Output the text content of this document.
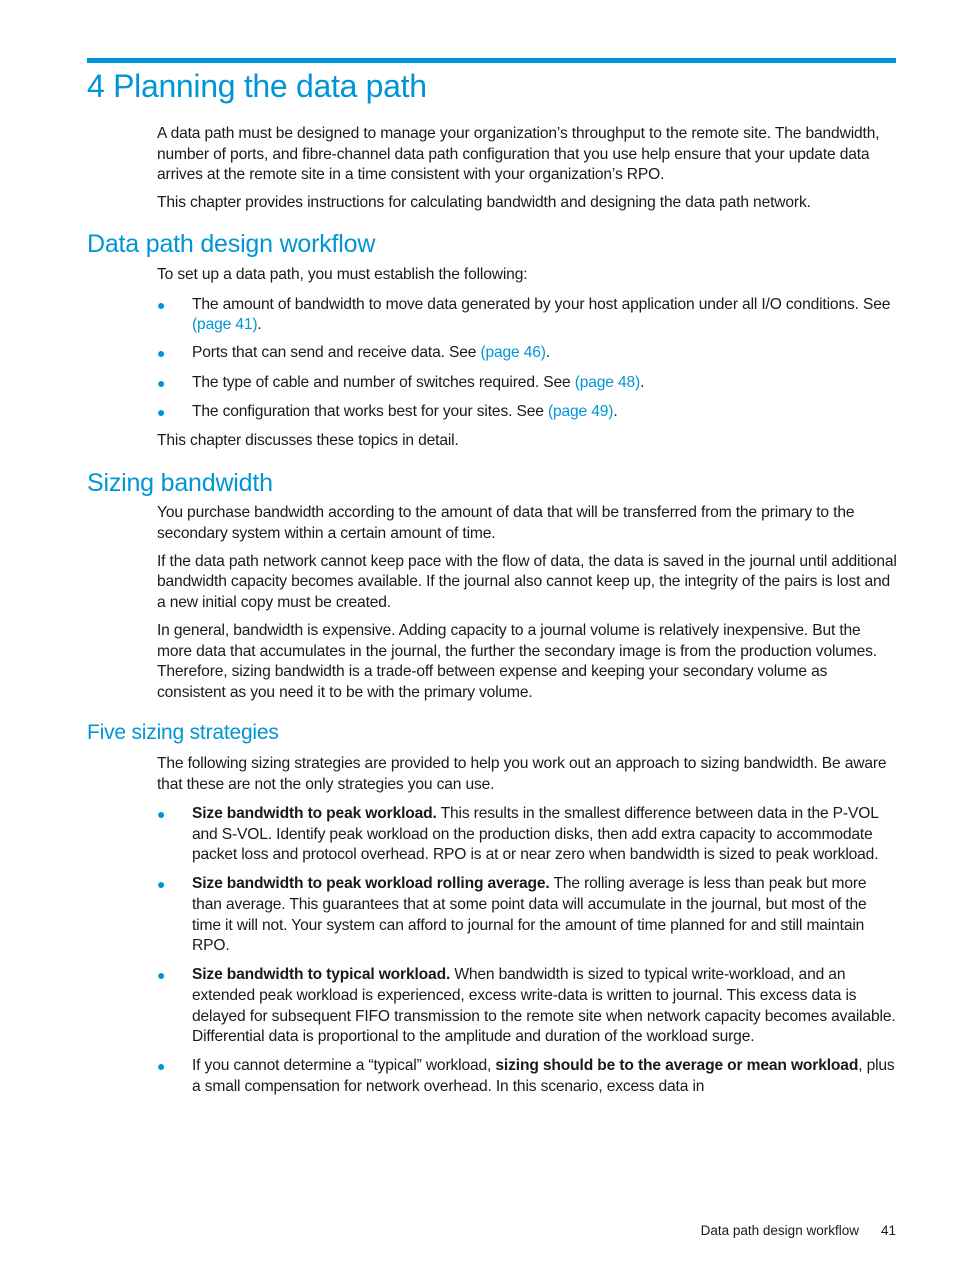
4 Planning the data path

A data path must be designed to manage your organization’s throughput to the remote site. The bandwidth, number of ports, and fibre-channel data path configuration that you use help ensure that your update data arrives at the remote site in a time consistent with your organization’s RPO.

This chapter provides instructions for calculating bandwidth and designing the data path network.

Data path design workflow

To set up a data path, you must establish the following:

● The amount of bandwidth to move data generated by your host application under all I/O conditions. See (page 41).
● Ports that can send and receive data. See (page 46).
● The type of cable and number of switches required. See (page 48).
● The configuration that works best for your sites. See (page 49).

This chapter discusses these topics in detail.

Sizing bandwidth

You purchase bandwidth according to the amount of data that will be transferred from the primary to the secondary system within a certain amount of time.

If the data path network cannot keep pace with the flow of data, the data is saved in the journal until additional bandwidth capacity becomes available. If the journal also cannot keep up, the integrity of the pairs is lost and a new initial copy must be created.

In general, bandwidth is expensive. Adding capacity to a journal volume is relatively inexpensive. But the more data that accumulates in the journal, the further the secondary image is from the production volumes. Therefore, sizing bandwidth is a trade-off between expense and keeping your secondary volume as consistent as you need it to be with the primary volume.

Five sizing strategies

The following sizing strategies are provided to help you work out an approach to sizing bandwidth. Be aware that these are not the only strategies you can use.

● Size bandwidth to peak workload. This results in the smallest difference between data in the P-VOL and S-VOL. Identify peak workload on the production disks, then add extra capacity to accommodate packet loss and protocol overhead. RPO is at or near zero when bandwidth is sized to peak workload.
● Size bandwidth to peak workload rolling average. The rolling average is less than peak but more than average. This guarantees that at some point data will accumulate in the journal, but most of the time it will not. Your system can afford to journal for the amount of time planned for and still maintain RPO.
● Size bandwidth to typical workload. When bandwidth is sized to typical write-workload, and an extended peak workload is experienced, excess write-data is written to journal. This excess data is delayed for subsequent FIFO transmission to the remote site when network capacity becomes available. Differential data is proportional to the amplitude and duration of the workload surge.
● If you cannot determine a “typical” workload, sizing should be to the average or mean workload, plus a small compensation for network overhead. In this scenario, excess data in
Data path design workflow 41
